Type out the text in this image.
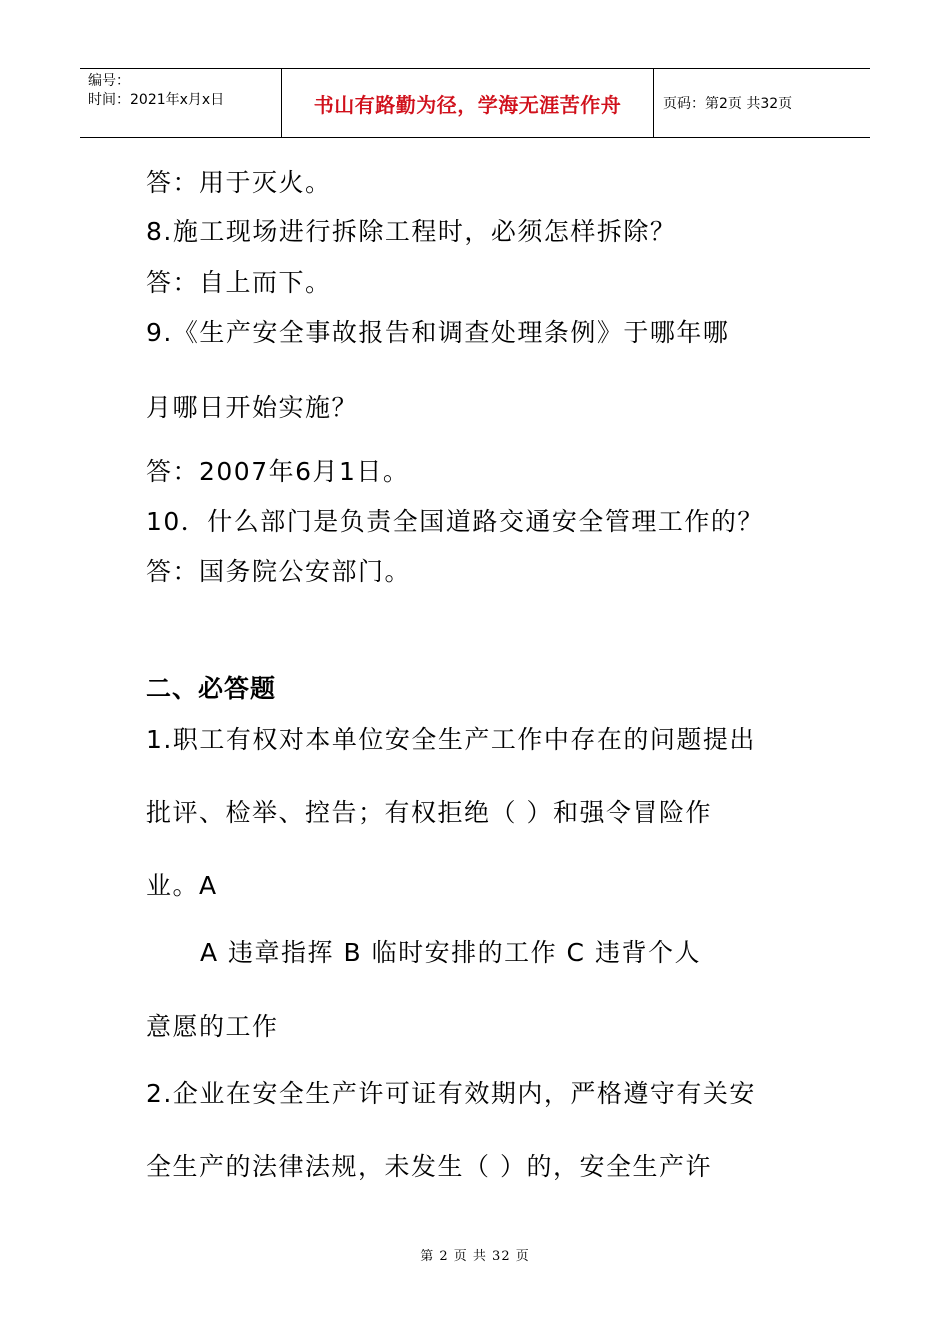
编号：
时间：2021年x月x日	书山有路勤为径，学海无涯苦作舟	页码：第2页 共32页
答：用于灭火。
8.施工现场进行拆除工程时，必须怎样拆除？
答：自上而下。
9.《生产安全事故报告和调查处理条例》于哪年哪
月哪日开始实施？
答：2007年6月1日。
10．什么部门是负责全国道路交通安全管理工作的？
答：国务院公安部门。
二、必答题
1.职工有权对本单位安全生产工作中存在的问题提出
批评、检举、控告；有权拒绝（ ）和强令冒险作
业。A
A 违章指挥 B 临时安排的工作 C 违背个人
意愿的工作
2.企业在安全生产许可证有效期内，严格遵守有关安
全生产的法律法规，未发生（ ）的，安全生产许
第 2 页 共 32 页
